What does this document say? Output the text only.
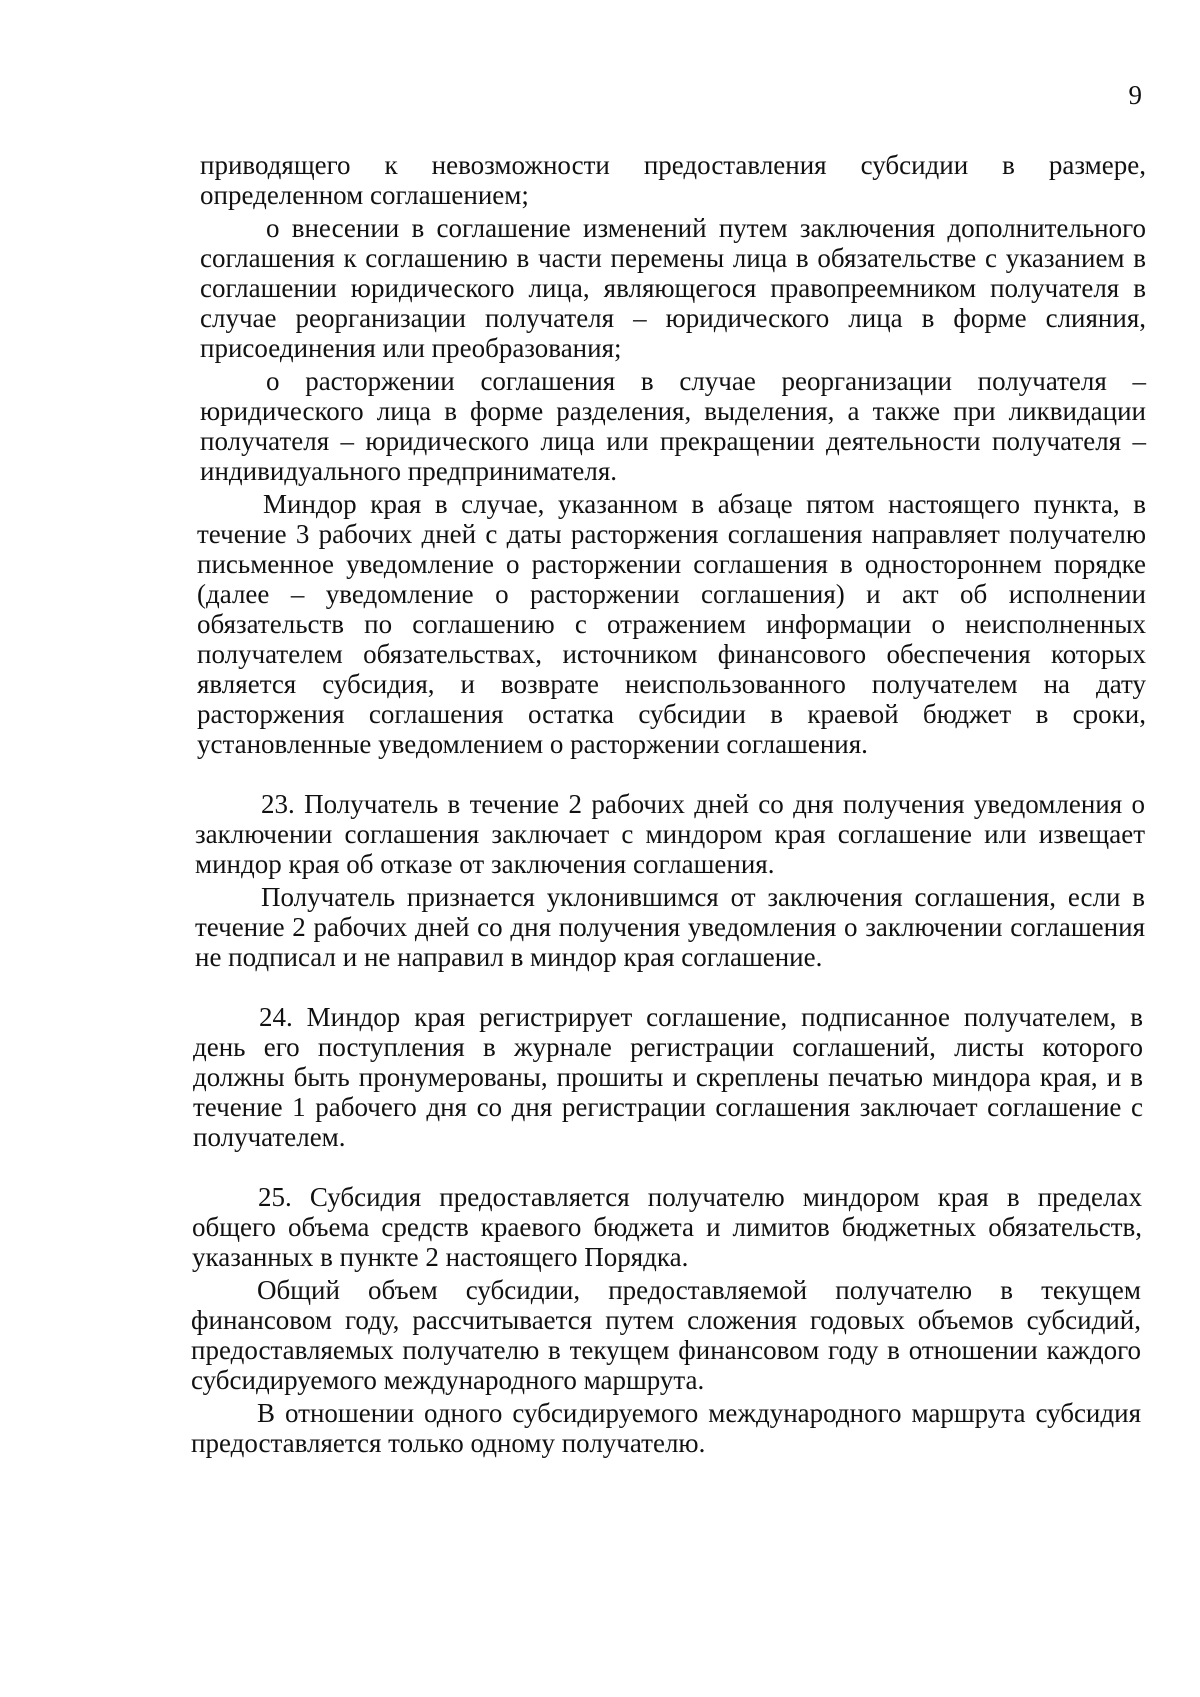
9

приводящего к невозможности предоставления субсидии в размере, определенном соглашением;

о внесении в соглашение изменений путем заключения дополнительного соглашения к соглашению в части перемены лица в обязательстве с указанием в соглашении юридического лица, являющегося правопреемником получателя в случае реорганизации получателя – юридического лица в форме слияния, присоединения или преобразования;

о расторжении соглашения в случае реорганизации получателя – юридического лица в форме разделения, выделения, а также при ликвидации получателя – юридического лица или прекращении деятельности получателя – индивидуального предпринимателя.

Миндор края в случае, указанном в абзаце пятом настоящего пункта, в течение 3 рабочих дней с даты расторжения соглашения направляет получателю письменное уведомление о расторжении соглашения в одностороннем порядке (далее – уведомление о расторжении соглашения) и акт об исполнении обязательств по соглашению с отражением информации о неисполненных получателем обязательствах, источником финансового обеспечения которых является субсидия, и возврате неиспользованного получателем на дату расторжения соглашения остатка субсидии в краевой бюджет в сроки, установленные уведомлением о расторжении соглашения.

23. Получатель в течение 2 рабочих дней со дня получения уведомления о заключении соглашения заключает с миндором края соглашение или извещает миндор края об отказе от заключения соглашения.

Получатель признается уклонившимся от заключения соглашения, если в течение 2 рабочих дней со дня получения уведомления о заключении соглашения не подписал и не направил в миндор края соглашение.

24. Миндор края регистрирует соглашение, подписанное получателем, в день его поступления в журнале регистрации соглашений, листы которого должны быть пронумерованы, прошиты и скреплены печатью миндора края, и в течение 1 рабочего дня со дня регистрации соглашения заключает соглашение с получателем.

25. Субсидия предоставляется получателю миндором края в пределах общего объема средств краевого бюджета и лимитов бюджетных обязательств, указанных в пункте 2 настоящего Порядка.

Общий объем субсидии, предоставляемой получателю в текущем финансовом году, рассчитывается путем сложения годовых объемов субсидий, предоставляемых получателю в текущем финансовом году в отношении каждого субсидируемого международного маршрута.

В отношении одного субсидируемого международного маршрута субсидия предоставляется только одному получателю.
